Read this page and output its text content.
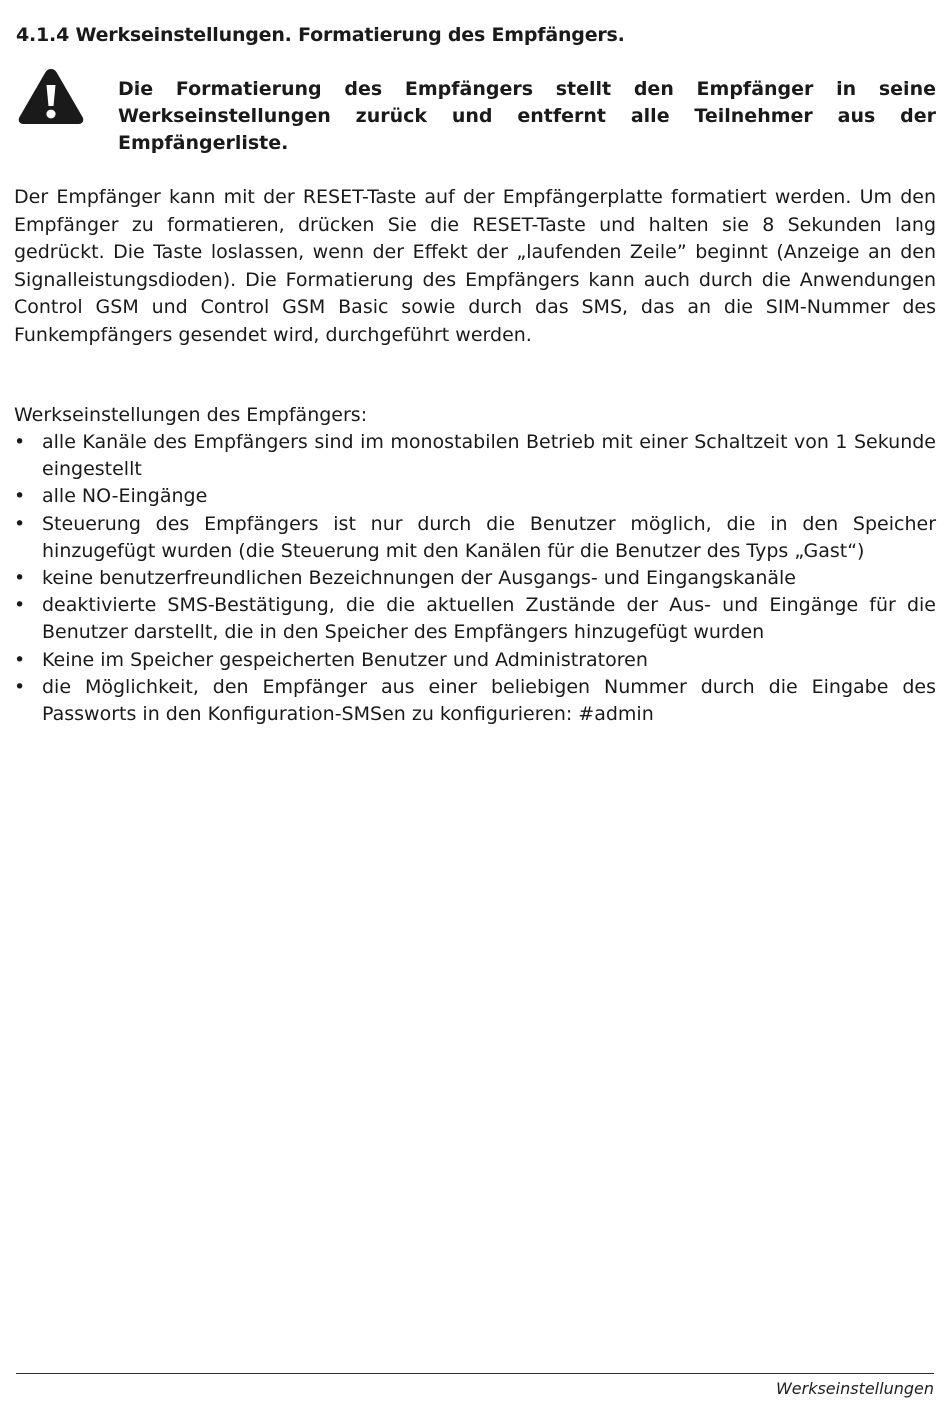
4.1.4 Werkseinstellungen. Formatierung des Empfängers.
Die Formatierung des Empfängers stellt den Empfänger in seine Werkseinstellungen zurück und entfernt alle Teilnehmer aus der Empfängerliste.

Der Empfänger kann mit der RESET-Taste auf der Empfängerplatte formatiert werden. Um den Empfänger zu formatieren, drücken Sie die RESET-Taste und halten sie 8 Sekunden lang gedrückt. Die Taste loslassen, wenn der Effekt der „laufenden Zeile” beginnt (Anzeige an den Signalleistungsdioden). Die Formatierung des Empfängers kann auch durch die Anwendungen Control GSM und Control GSM Basic sowie durch das SMS, das an die SIM-Nummer des Funkempfängers gesendet wird, durchgeführt werden.

Werkseinstellungen des Empfängers:
• alle Kanäle des Empfängers sind im monostabilen Betrieb mit einer Schaltzeit von 1 Sekunde eingestellt
• alle NO-Eingänge
• Steuerung des Empfängers ist nur durch die Benutzer möglich, die in den Speicher hinzugefügt wurden (die Steuerung mit den Kanälen für die Benutzer des Typs „Gast“)
• keine benutzerfreundlichen Bezeichnungen der Ausgangs- und Eingangskanäle
• deaktivierte SMS-Bestätigung, die die aktuellen Zustände der Aus- und Eingänge für die Benutzer darstellt, die in den Speicher des Empfängers hinzugefügt wurden
• Keine im Speicher gespeicherten Benutzer und Administratoren
• die Möglichkeit, den Empfänger aus einer beliebigen Nummer durch die Eingabe des Passworts in den Konfiguration-SMSen zu konfigurieren: #admin
Werkseinstellungen
